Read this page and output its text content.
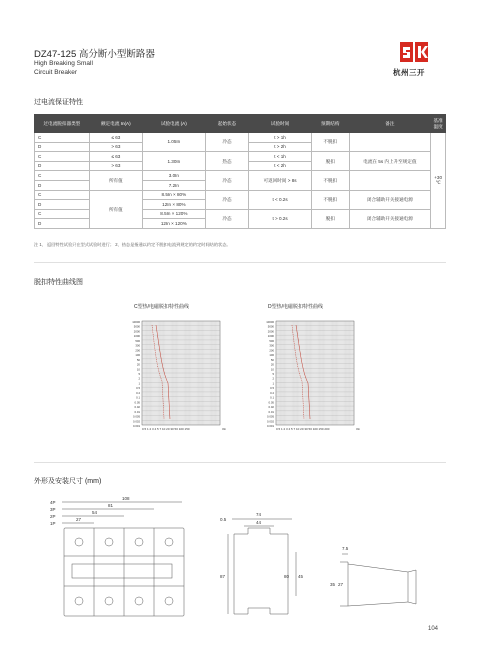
DZ47-125 高分断小型断路器
High Breaking Small
Circuit Breaker	杭州三开
过电流保证特性
过电流脱扣器类型	额定电流 In(A)	试验电流 (A)	起始状态	试验时间	预期结构	备注	基准温度
C	≤ 63	1.05In	冷态	t > 1h	不脱扣		+30 ℃
D	> 63			t > 2h			
C	≤ 63	1.30In	热态	t < 1h	脱扣	电流在 5s 内上升至规定值	
D	> 63			t < 2h			
C	所有值	3.0In	冷态	可返回时间 > 8s	不脱扣		
D		7.2In					
C	所有值	8.5In × 80%	冷态	t < 0.2s	不脱扣	闭合辅助开关接通电源	
D		12In × 80%					
C		8.5In × 120%	冷态	t > 0.2s	脱扣	闭合辅助开关接通电源	
D		12In × 120%					
注 1、 返回特性试验只在型式试验时进行； 2、热态是指通以约定不脱扣电流到规定的约定时间结的状态。
脱扣特性曲线图
C型热/电磁脱扣特性曲线
10000
5000
2000
1000
500
300
200
100
50
20
10
5
2
1
0.5
0.2
0.1
0.05
0.02
0.01
0.005
0.002
0.001
0.5 1 2 3 4 5 7 10 20 30 50 100 150	I/In
D型热/电磁脱扣特性曲线
10000
5000
2000
1000
500
300
200
100
50
20
10
5
2
1
0.5
0.2
0.1
0.05
0.02
0.01
0.005
0.002
0.001
0.5 1 2 3 4 5 7 10 20 30 50 100 150 200	I/In
外形及安装尺寸 (mm)
4P
3P
2P
1P
108
81
54
27	0.5
74
44
87	80 45
7.5
35 27
104
